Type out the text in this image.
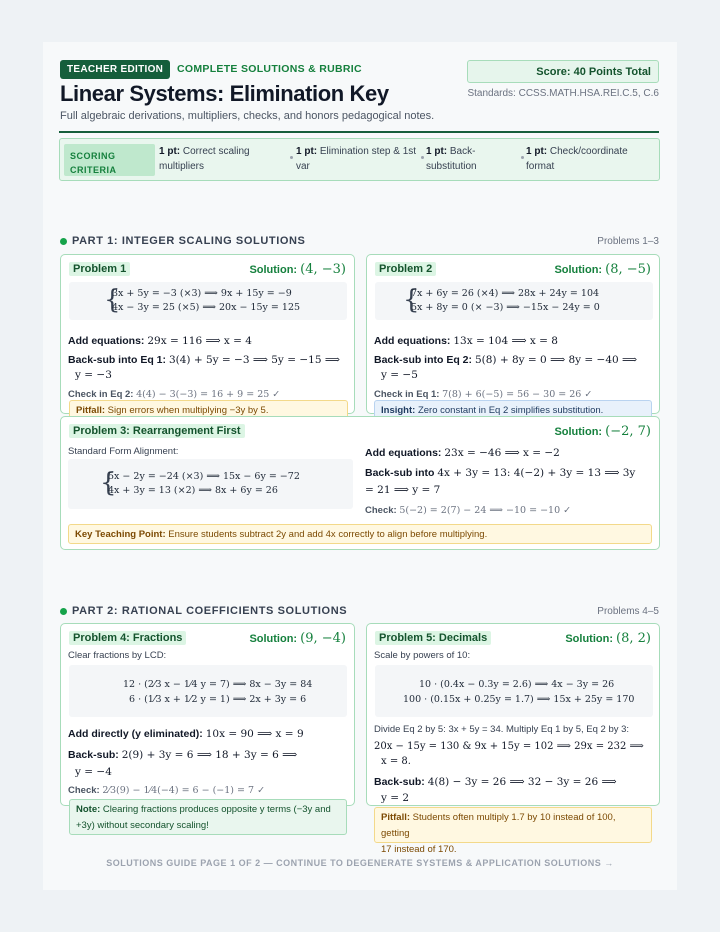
TEACHER EDITION	COMPLETE SOLUTIONS & RUBRIC
Linear Systems: Elimination Key
Full algebraic derivations, multipliers, checks, and honors pedagogical notes.
Score: 40 Points Total
Standards: CCSS.MATH.HSA.REI.C.5, C.6
SCORING
CRITERIA
1 pt: Correct scaling
multipliers
1 pt: Elimination step & 1st
var
1 pt: Back-
substitution
1 pt: Check/coordinate
format
PART 1: INTEGER SCALING SOLUTIONS	Problems 1–3
Problem 1	Solution: (4, −3)
{
3x + 5y = −3 (×3) ⟹ 9x + 15y = −9
4x − 3y = 25 (×5) ⟹ 20x − 15y = 125
Add equations: 29x = 116 ⟹ x = 4
Back-sub into Eq 1: 3(4) + 5y = −3 ⟹ 5y = −15 ⟹
y = −3
Check in Eq 2: 4(4) − 3(−3) = 16 + 9 = 25 ✓
Pitfall: Sign errors when multiplying −3y by 5.
Problem 2	Solution: (8, −5)
{
7x + 6y = 26 (×4) ⟹ 28x + 24y = 104
5x + 8y = 0 (× −3) ⟹ −15x − 24y = 0
Add equations: 13x = 104 ⟹ x = 8
Back-sub into Eq 2: 5(8) + 8y = 0 ⟹ 8y = −40 ⟹
y = −5
Check in Eq 1: 7(8) + 6(−5) = 56 − 30 = 26 ✓
Insight: Zero constant in Eq 2 simplifies substitution.
Problem 3: Rearrangement First	Solution: (−2, 7)
Standard Form Alignment:
{
5x − 2y = −24 (×3) ⟹ 15x − 6y = −72
4x + 3y = 13 (×2) ⟹ 8x + 6y = 26
Add equations: 23x = −46 ⟹ x = −2
Back-sub into 4x + 3y = 13: 4(−2) + 3y = 13 ⟹ 3y
= 21 ⟹ y = 7
Check: 5(−2) = 2(7) − 24 ⟹ −10 = −10 ✓
Key Teaching Point: Ensure students subtract 2y and add 4x correctly to align before multiplying.
PART 2: RATIONAL COEFFICIENTS SOLUTIONS	Problems 4–5
Problem 4: Fractions	Solution: (9, −4)
Clear fractions by LCD:
12 · (2⁄3 x − 1⁄4 y = 7) ⟹ 8x − 3y = 84
6 · (1⁄3 x + 1⁄2 y = 1) ⟹ 2x + 3y = 6
Add directly (y eliminated): 10x = 90 ⟹ x = 9
Back-sub: 2(9) + 3y = 6 ⟹ 18 + 3y = 6 ⟹
y = −4
Check: 2⁄3(9) − 1⁄4(−4) = 6 − (−1) = 7 ✓
Note: Clearing fractions produces opposite y terms (−3y and
+3y) without secondary scaling!
Problem 5: Decimals	Solution: (8, 2)
Scale by powers of 10:
10 · (0.4x − 0.3y = 2.6) ⟹ 4x − 3y = 26
100 · (0.15x + 0.25y = 1.7) ⟹ 15x + 25y = 170
Divide Eq 2 by 5: 3x + 5y = 34. Multiply Eq 1 by 5, Eq 2 by 3:
20x − 15y = 130 & 9x + 15y = 102 ⟹ 29x = 232 ⟹
x = 8.
Back-sub: 4(8) − 3y = 26 ⟹ 32 − 3y = 26 ⟹
y = 2
Pitfall: Students often multiply 1.7 by 10 instead of 100, getting
17 instead of 170.
SOLUTIONS GUIDE PAGE 1 OF 2 — CONTINUE TO DEGENERATE SYSTEMS & APPLICATION SOLUTIONS →
